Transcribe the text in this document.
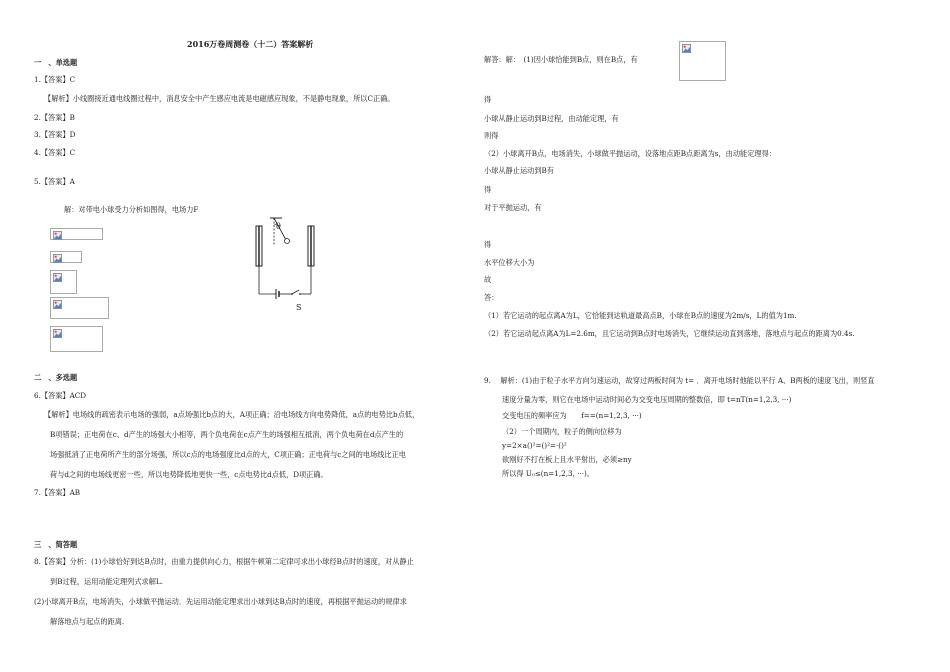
2016万卷周测卷（十二）答案解析
一　、单选题
1.【答案】C
【解析】小线圈接近通电线圈过程中，消息安全中产生感应电流是电磁感应现象，不是静电现象，所以C正确。
2.【答案】B
3.【答案】D
4.【答案】C
5.【答案】A
解：对带电小球受力分析如图得，电场力F
θ
S
二　、多选题
6.【答案】ACD
【解析】电场线的疏密表示电场的强弱，a点场强比b点的大，A项正确；沿电场线方向电势降低，a点的电势比b点低，
B项错误；正电荷在c、d产生的场强大小相等，两个负电荷在c点产生的场强相互抵消，两个负电荷在d点产生的
场强抵消了正电荷所产生的部分场强，所以c点的电场强度比d点的大，C项正确；正电荷与c之间的电场线比正电
荷与d之间的电场线更密一些，所以电势降低地更快一些，c点电势比d点低，D项正确。
7.【答案】AB
三　、简答题
8.【答案】分析：(1)小球恰好到达B点时，由重力提供向心力，根据牛顿第二定律可求出小球经B点时的速度，对从静止
到B过程，运用动能定理列式求解L.
(2)小球离开B点，电场消失，小球做平抛运动．先运用动能定理求出小球到达B点时的速度，再根据平抛运动的规律求
解落地点与起点的距离.
解答：解：　(1)因小球恰能到B点，则在B点，有
得
小球从静止运动到B过程，由动能定理，有
则得
（2）小球离开B点，电场消失，小球做平抛运动，设落地点距B点距离为s，由动能定理得：
小球从静止运动到B有
得
对于平抛运动，有
得
水平位移大小为
故
答：
（1）若它运动的起点离A为L，它恰能到达轨道最高点B，小球在B点的速度为2m/s，L的值为1m.
（2）若它运动起点离A为L=2.6m，且它运动到B点时电场消失，它继续运动直到落地，落地点与起点的距离为0.4s.
9.　 解析：(1)由于粒子水平方向匀速运动，故穿过两板时间为 t= ．离开电场时他能以平行 A、B两板的速度飞出，则竖直
速度分量为零，则它在电场中运动时间必为交变电压周期的整数倍，即 t=nT(n=1,2,3, ···)
交变电压的频率应为　　f==(n=1,2,3, ···)
（2）一个周期内，粒子的侧向位移为
y=2×a()²=()²=·()²
欲刚好不打在板上且水平射出，必须≥ny
所以得 U₀≤(n=1,2,3, ···)。
